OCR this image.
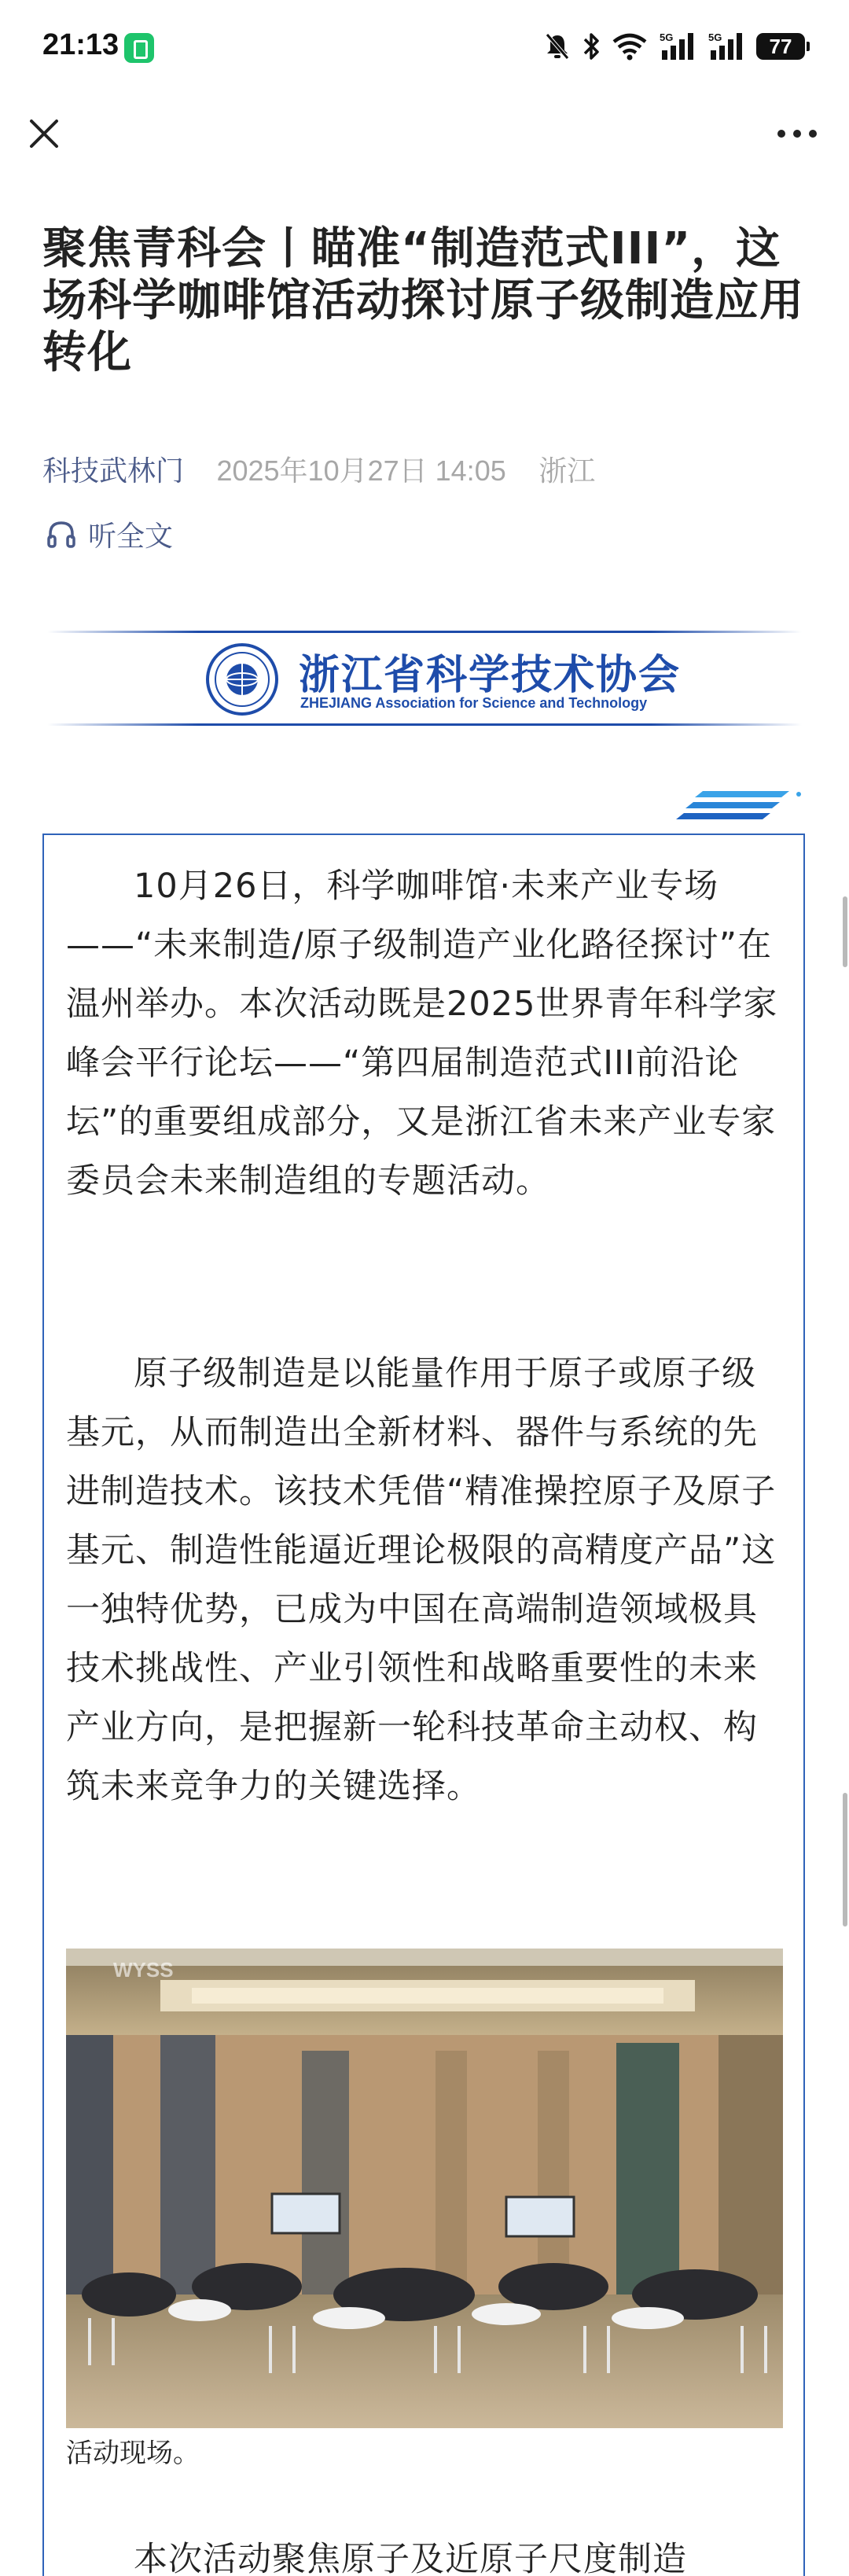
21:13	5G	5G	77
聚焦青科会丨瞄准“制造范式III”，这场科学咖啡馆活动探讨原子级制造应用转化
科技武林门 2025年10月27日 14:05 浙江
听全文
浙江省科学技术协会
ZHEJIANG Association for Science and Technology

10月26日，科学咖啡馆·未来产业专场——“未来制造/原子级制造产业化路径探讨”在温州举办。本次活动既是2025世界青年科学家峰会平行论坛——“第四届制造范式III前沿论坛”的重要组成部分，又是浙江省未来产业专家委员会未来制造组的专题活动。

原子级制造是以能量作用于原子或原子级基元，从而制造出全新材料、器件与系统的先进制造技术。该技术凭借“精准操控原子及原子基元、制造性能逼近理论极限的高精度产品”这一独特优势，已成为中国在高端制造领域极具技术挑战性、产业引领性和战略重要性的未来产业方向，是把握新一轮科技革命主动权、构筑未来竞争力的关键选择。

WYSS
活动现场。

本次活动聚焦原子及近原子尺度制造
